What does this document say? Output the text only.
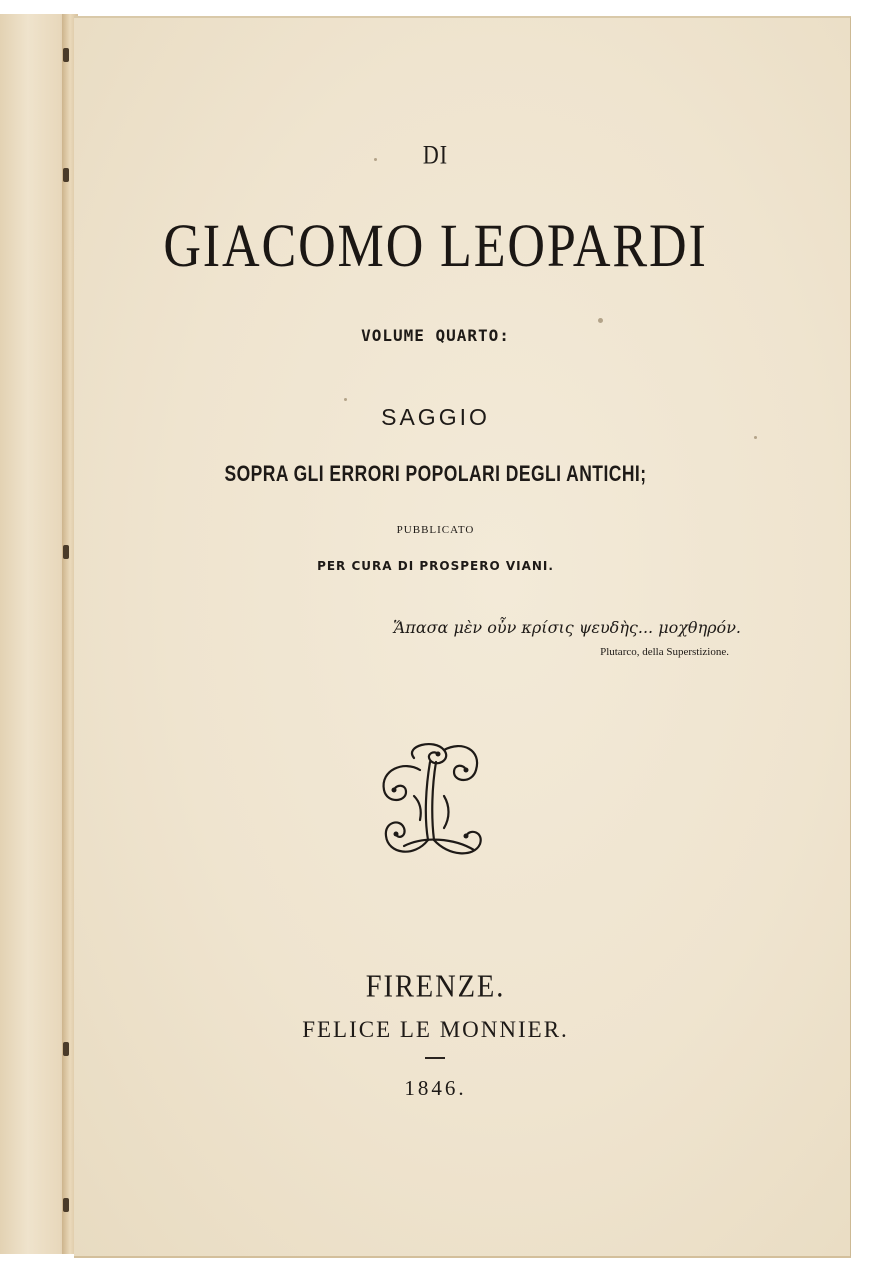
DI
GIACOMO LEOPARDI
VOLUME QUARTO:
SAGGIO
SOPRA GLI ERRORI POPOLARI DEGLI ANTICHI;
PUBBLICATO
PER CURA DI PROSPERO VIANI.
Ἅπασα μὲν οὖν κρίσις ψευδὴς... μοχθηρόν.
Plutarco, della Superstizione.
FIRENZE.
FELICE LE MONNIER.
1846.
